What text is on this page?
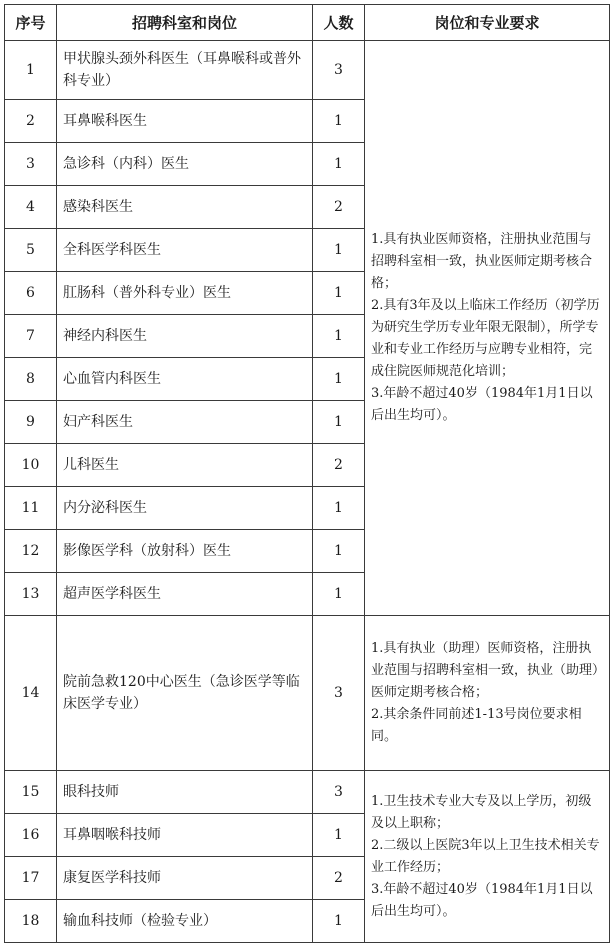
序号	招聘科室和岗位	人数	岗位和专业要求
1	甲状腺头颈外科医生（耳鼻喉科或普外科专业）	3	1.具有执业医师资格，注册执业范围与招聘科室相一致，执业医师定期考核合格；
2.具有3年及以上临床工作经历（初学历为研究生学历专业年限无限制），所学专业和专业工作经历与应聘专业相符，完成住院医师规范化培训；
3.年龄不超过40岁（1984年1月1日以后出生均可）。
2	耳鼻喉科医生	1	
3	急诊科（内科）医生	1	
4	感染科医生	2	
5	全科医学科医生	1	
6	肛肠科（普外科专业）医生	1	
7	神经内科医生	1	
8	心血管内科医生	1	
9	妇产科医生	1	
10	儿科医生	2	
11	内分泌科医生	1	
12	影像医学科（放射科）医生	1	
13	超声医学科医生	1	
14	院前急救120中心医生（急诊医学等临床医学专业）	3	1.具有执业（助理）医师资格，注册执业范围与招聘科室相一致，执业（助理）医师定期考核合格；
2.其余条件同前述1-13号岗位要求相同。
15	眼科技师	3	1.卫生技术专业大专及以上学历，初级及以上职称；
2.二级以上医院3年以上卫生技术相关专业工作经历；
3.年龄不超过40岁（1984年1月1日以后出生均可）。
16	耳鼻咽喉科技师	1	
17	康复医学科技师	2	
18	输血科技师（检验专业）	1	
